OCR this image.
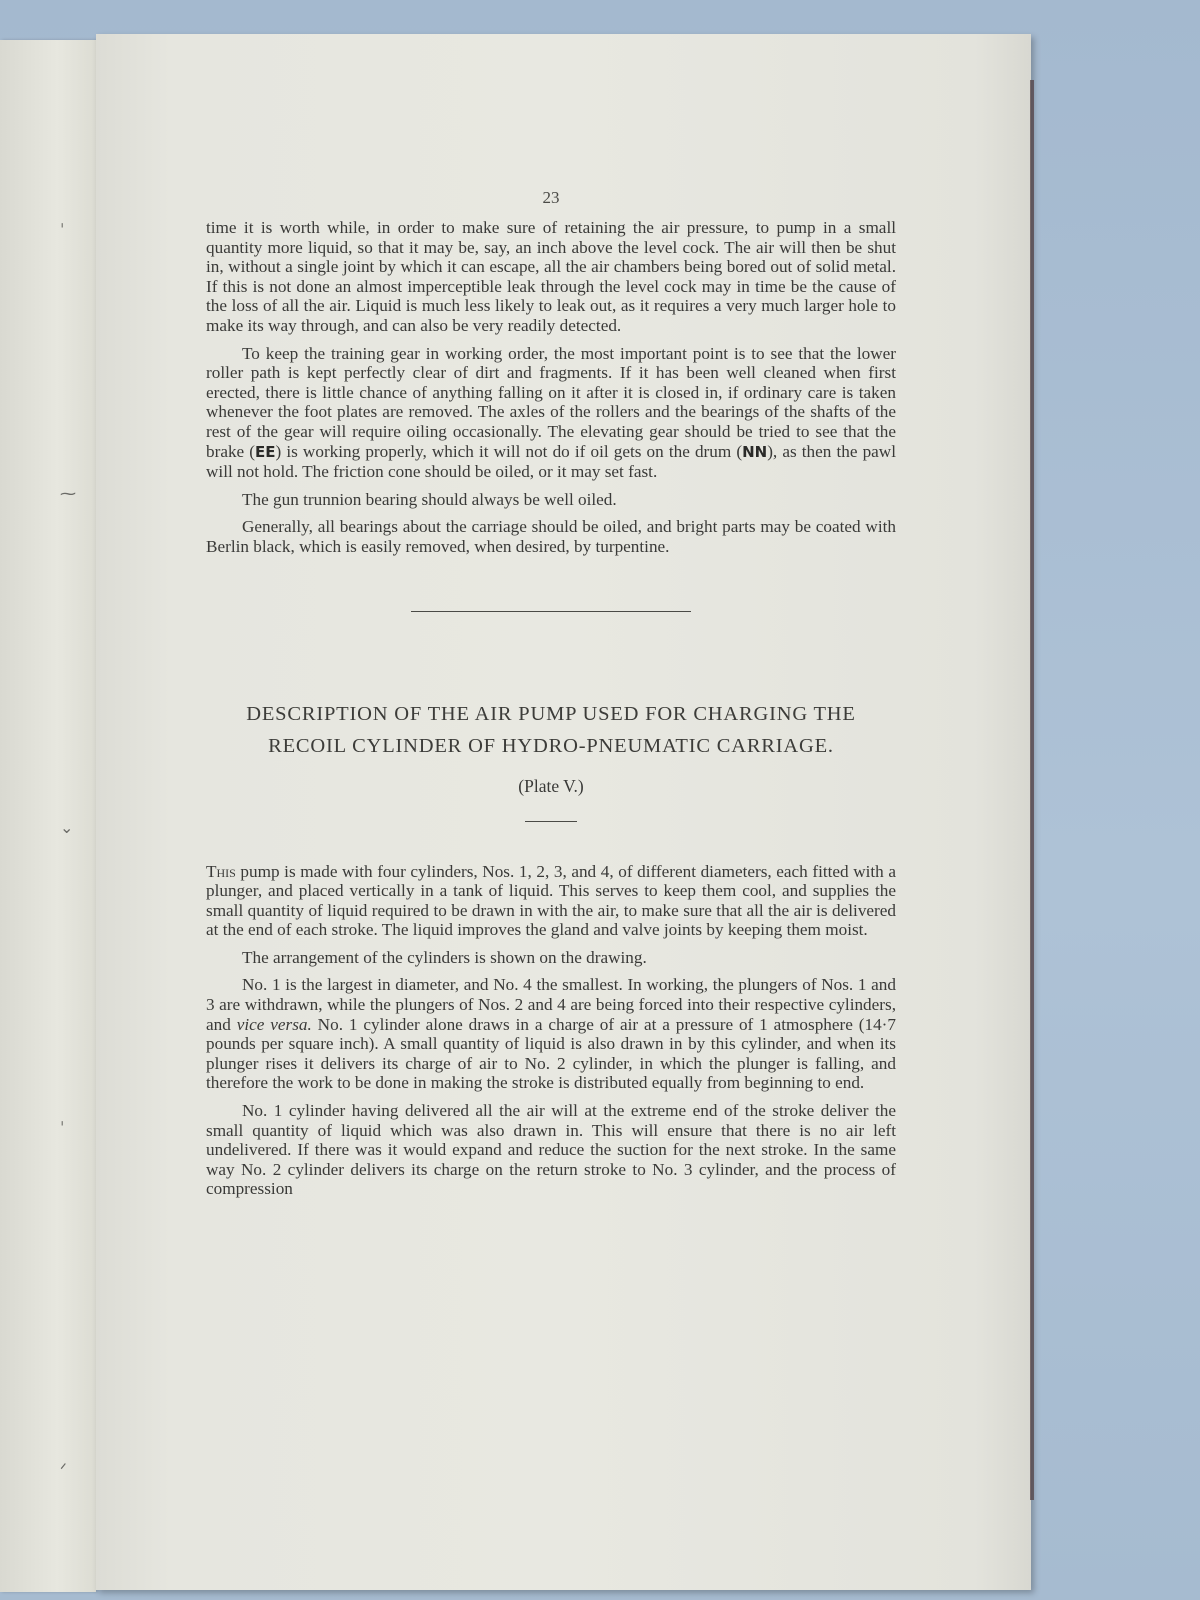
ˌ
⁓
⌄
ˌ
ᐟ
23

time it is worth while, in order to make sure of retaining the air pressure, to pump in a small quantity more liquid, so that it may be, say, an inch above the level cock. The air will then be shut in, without a single joint by which it can escape, all the air chambers being bored out of solid metal. If this is not done an almost imperceptible leak through the level cock may in time be the cause of the loss of all the air. Liquid is much less likely to leak out, as it requires a very much larger hole to make its way through, and can also be very readily detected.

To keep the training gear in working order, the most important point is to see that the lower roller path is kept perfectly clear of dirt and fragments. If it has been well cleaned when first erected, there is little chance of anything falling on it after it is closed in, if ordinary care is taken whenever the foot plates are removed. The axles of the rollers and the bearings of the shafts of the rest of the gear will require oiling occasionally. The elevating gear should be tried to see that the brake (EE) is working properly, which it will not do if oil gets on the drum (NN), as then the pawl will not hold. The friction cone should be oiled, or it may set fast.

The gun trunnion bearing should always be well oiled.

Generally, all bearings about the carriage should be oiled, and bright parts may be coated with Berlin black, which is easily removed, when desired, by turpentine.

DESCRIPTION OF THE AIR PUMP USED FOR CHARGING THE
RECOIL CYLINDER OF HYDRO-PNEUMATIC CARRIAGE.
(Plate V.)

This pump is made with four cylinders, Nos. 1, 2, 3, and 4, of different diameters, each fitted with a plunger, and placed vertically in a tank of liquid. This serves to keep them cool, and supplies the small quantity of liquid required to be drawn in with the air, to make sure that all the air is delivered at the end of each stroke. The liquid improves the gland and valve joints by keeping them moist.

The arrangement of the cylinders is shown on the drawing.

No. 1 is the largest in diameter, and No. 4 the smallest. In working, the plungers of Nos. 1 and 3 are withdrawn, while the plungers of Nos. 2 and 4 are being forced into their respective cylinders, and vice versa. No. 1 cylinder alone draws in a charge of air at a pressure of 1 atmosphere (14·7 pounds per square inch). A small quantity of liquid is also drawn in by this cylinder, and when its plunger rises it delivers its charge of air to No. 2 cylinder, in which the plunger is falling, and therefore the work to be done in making the stroke is distributed equally from beginning to end.

No. 1 cylinder having delivered all the air will at the extreme end of the stroke deliver the small quantity of liquid which was also drawn in. This will ensure that there is no air left undelivered. If there was it would expand and reduce the suction for the next stroke. In the same way No. 2 cylinder delivers its charge on the return stroke to No. 3 cylinder, and the process of compression
